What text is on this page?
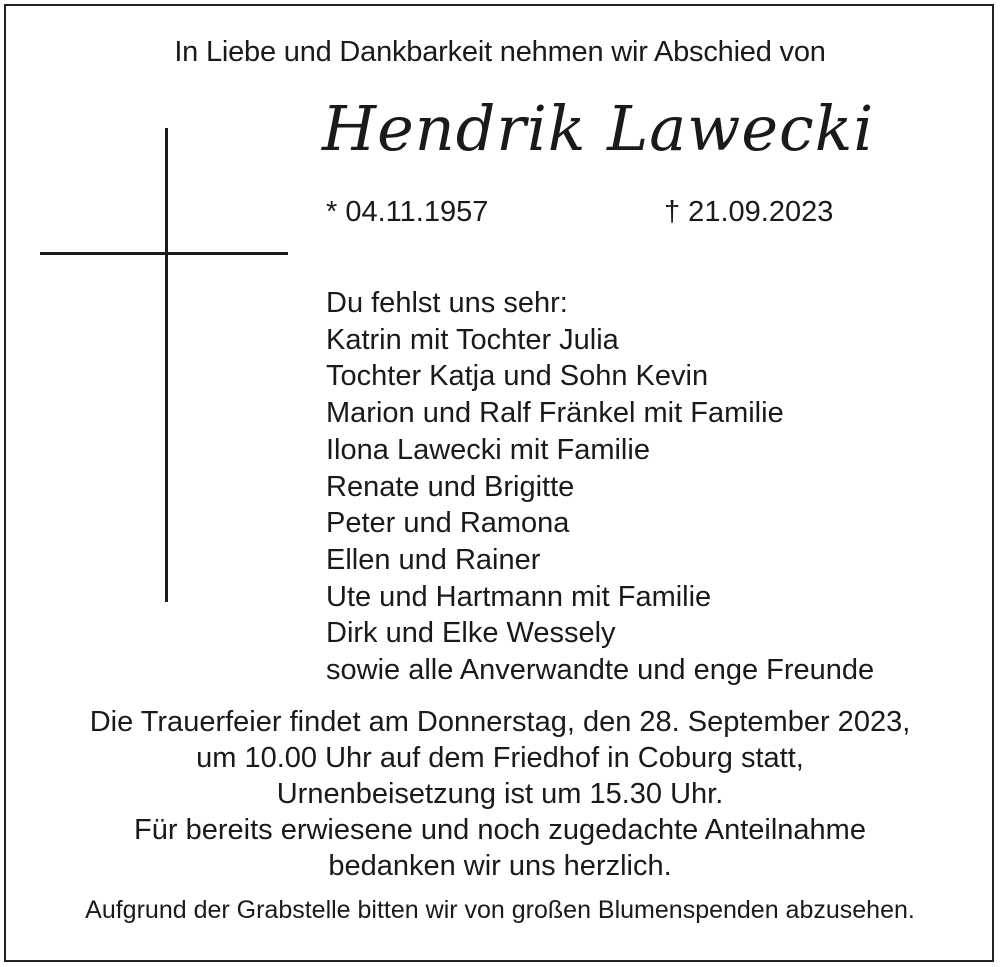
In Liebe und Dankbarkeit nehmen wir Abschied von
Hendrik Lawecki
* 04.11.1957	† 21.09.2023
Du fehlst uns sehr:
Katrin mit Tochter Julia
Tochter Katja und Sohn Kevin
Marion und Ralf Fränkel mit Familie
Ilona Lawecki mit Familie
Renate und Brigitte
Peter und Ramona
Ellen und Rainer
Ute und Hartmann mit Familie
Dirk und Elke Wessely
sowie alle Anverwandte und enge Freunde
Die Trauerfeier findet am Donnerstag, den 28. September 2023,
um 10.00 Uhr auf dem Friedhof in Coburg statt,
Urnenbeisetzung ist um 15.30 Uhr.
Für bereits erwiesene und noch zugedachte Anteilnahme
bedanken wir uns herzlich.
Aufgrund der Grabstelle bitten wir von großen Blumenspenden abzusehen.
